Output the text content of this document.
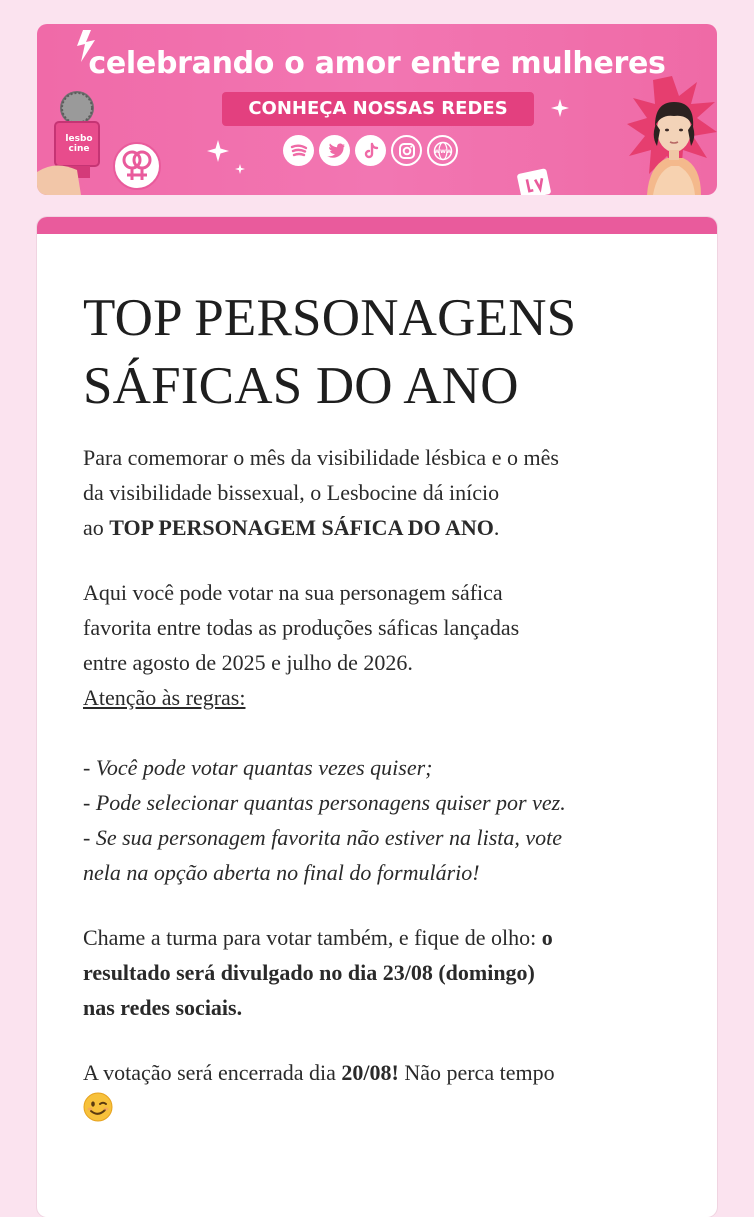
lesbo cine
celebrando o amor entre mulheres
CONHEÇA NOSSAS REDES
www
TOP PERSONAGENS
SÁFICAS DO ANO

Para comemorar o mês da visibilidade lésbica e o mês
da visibilidade bissexual, o Lesbocine dá início
ao TOP PERSONAGEM SÁFICA DO ANO.

Aqui você pode votar na sua personagem sáfica
favorita entre todas as produções sáficas lançadas
entre agosto de 2025 e julho de 2026.
Atenção às regras:

- Você pode votar quantas vezes quiser;
- Pode selecionar quantas personagens quiser por vez.
- Se sua personagem favorita não estiver na lista, vote
nela na opção aberta no final do formulário!

Chame a turma para votar também, e fique de olho: o
resultado será divulgado no dia 23/08 (domingo)
nas redes sociais.

A votação será encerrada dia 20/08! Não perca tempo
